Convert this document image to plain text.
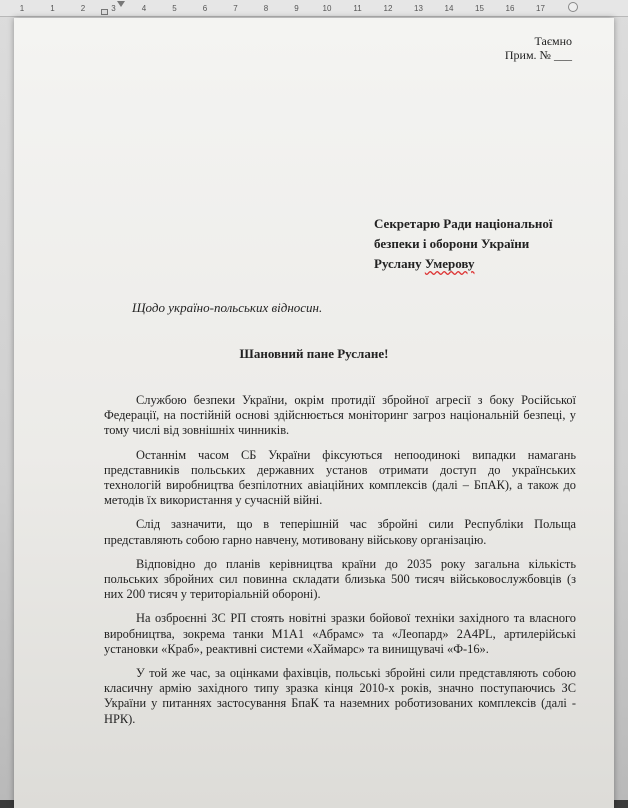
1	1	2	3	4	5	6	7	8	9	10	11	12	13	14	15	16	17
Таємно
Прим. № ___
Секретарю Ради національної
безпеки і оборони України
Руслану Умерову
Щодо україно-польських відносин.
Шановний пане Руслане!

Службою безпеки України, окрім протидії збройної агресії з боку Російської Федерації, на постійній основі здійснюється моніторинг загроз національній безпеці, у тому числі від зовнішніх чинників.

Останнім часом СБ України фіксуються непоодинокі випадки намагань представників польських державних установ отримати доступ до українських технологій виробництва безпілотних авіаційних комплексів (далі – БпАК), а також до методів їх використання у сучасній війні.

Слід зазначити, що в теперішній час збройні сили Республіки Польща представляють собою гарно навчену, мотивовану військову організацію.

Відповідно до планів керівництва країни до 2035 року загальна кількість польських збройних сил повинна складати близька 500 тисяч військовослужбовців (з них 200 тисяч у територіальній обороні).

На озброєнні ЗС РП стоять новітні зразки бойової техніки західного та власного виробництва, зокрема танки М1А1 «Абрамс» та «Леопард» 2А4PL, артилерійські установки «Краб», реактивні системи «Хаймарс» та винищувачі «Ф-16».

У той же час, за оцінками фахівців, польські збройні сили представляють собою класичну армію західного типу зразка кінця 2010-х років, значно поступаючись ЗС України у питаннях застосування БпаК та наземних роботизованих комплексів (далі - НРК).
